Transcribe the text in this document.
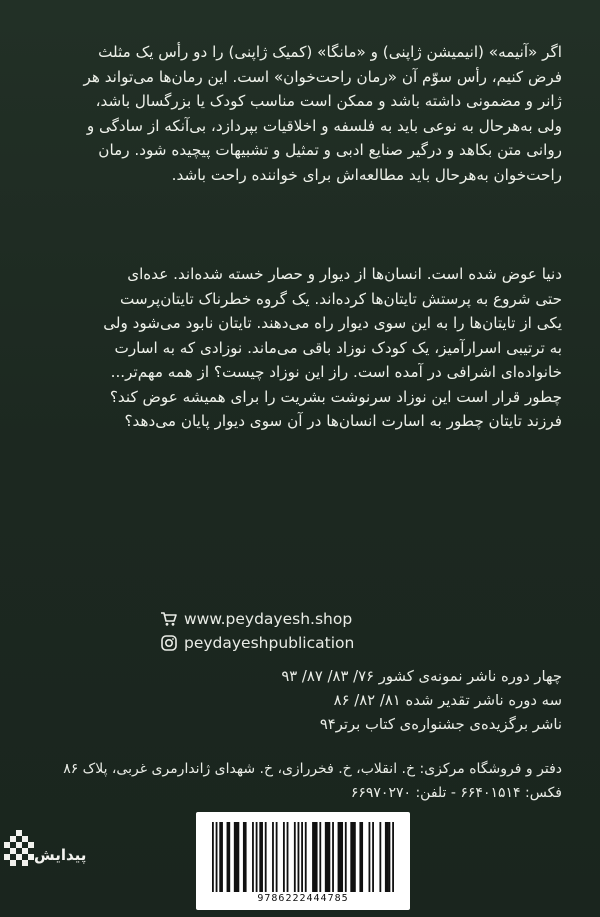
اگر «آنیمه» (انیمیشن ژاپنی) و «مانگا» (کمیک ژاپنی) را دو رأس یک مثلث
فرض کنیم، رأس سوّم آن «رمان راحت‌خوان» است. این رمان‌ها می‌تواند هر
ژانر و مضمونی داشته باشد و ممکن است مناسب کودک یا بزرگسال باشد،
ولی به‌هرحال به نوعی باید به فلسفه و اخلاقیات بپردازد، بی‌آنکه از سادگی و
روانی متن بکاهد و درگیر صنایع ادبی و تمثیل و تشبیهات پیچیده شود. رمان
راحت‌خوان به‌هرحال باید مطالعه‌اش برای خواننده راحت باشد.
دنیا عوض شده است. انسان‌ها از دیوار و حصار خسته شده‌اند. عده‌ای
حتی شروع به پرستش تایتان‌ها کرده‌اند. یک گروه خطرناک تایتان‌پرست
یکی از تایتان‌ها را به این سوی دیوار راه می‌دهند. تایتان نابود می‌شود ولی
به ترتیبی اسرارآمیز، یک کودک نوزاد باقی می‌ماند. نوزادی که به اسارت
خانواده‌ای اشرافی در آمده است. راز این نوزاد چیست؟ از همه مهم‌تر...
چطور قرار است این نوزاد سرنوشت بشریت را برای همیشه عوض کند؟
فرزند تایتان چطور به اسارت انسان‌ها در آن سوی دیوار پایان می‌دهد؟
www.peydayesh.shop
peydayeshpublication
چهار دوره ناشر نمونه‌ی کشور ۷۶/ ۸۳/ ۸۷/ ۹۳
سه دوره ناشر تقدیر شده ۸۱/ ۸۲/ ۸۶
ناشر برگزیده‌ی جشنواره‌ی کتاب برتر۹۴
دفتر و فروشگاه مرکزی: خ. انقلاب، خ. فخررازی، خ. شهدای ژاندارمری غربی، پلاک ۸۶
فکس: ۶۶۴۰۱۵۱۴ - تلفن: ۶۶۹۷۰۲۷۰
9786222444785
پیدایش
